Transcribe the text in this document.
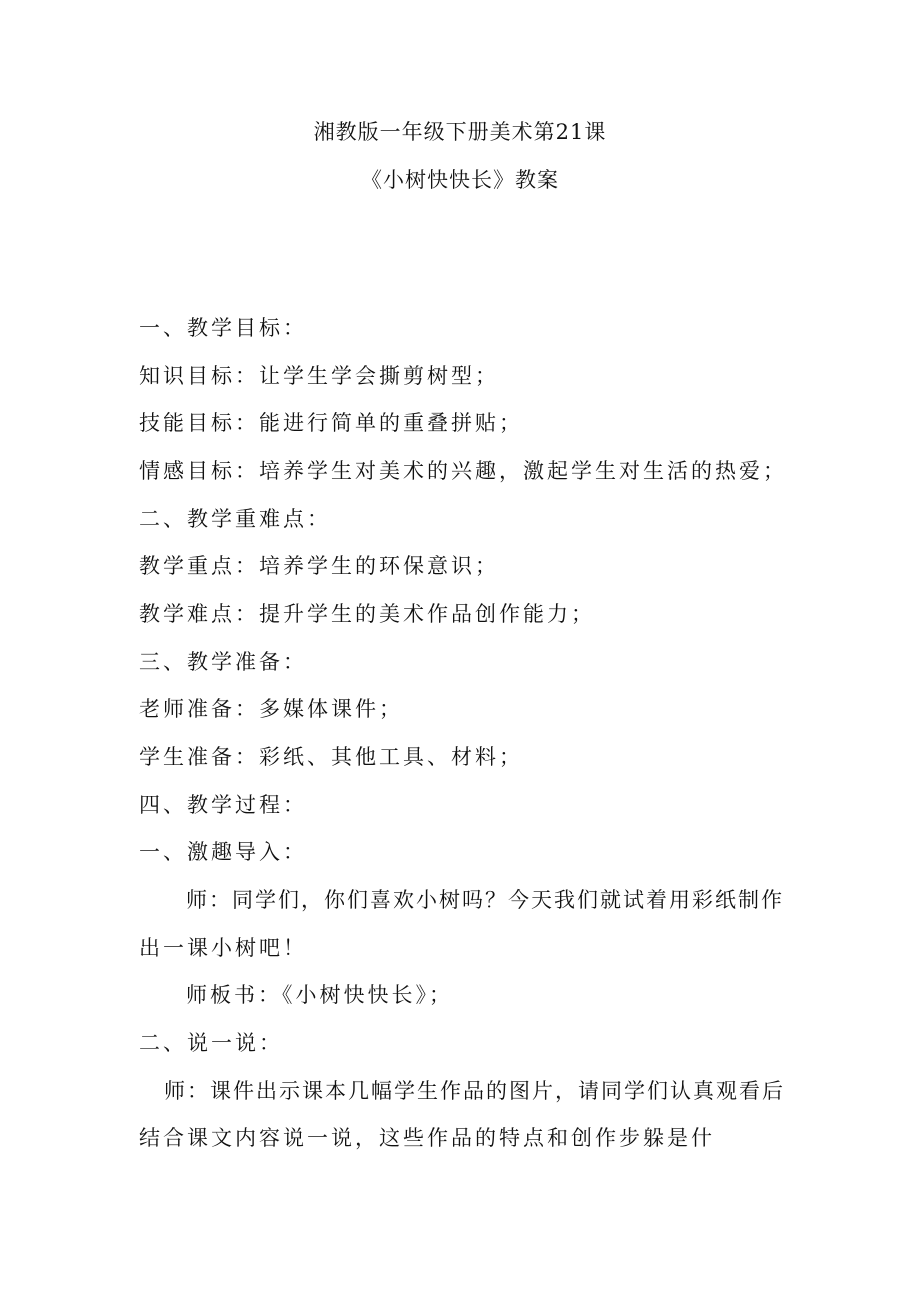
湘教版一年级下册美术第21课
《小树快快长》教案

一、教学目标：

知识目标：让学生学会撕剪树型；

技能目标：能进行简单的重叠拼贴；

情感目标：培养学生对美术的兴趣，激起学生对生活的热爱；

二、教学重难点：

教学重点：培养学生的环保意识；

教学难点：提升学生的美术作品创作能力；

三、教学准备：

老师准备：多媒体课件；

学生准备：彩纸、其他工具、材料；

四、教学过程：

一、激趣导入：

师：同学们，你们喜欢小树吗？今天我们就试着用彩纸制作

出一课小树吧！

师板书：《小树快快长》；

二、说一说：

师：课件出示课本几幅学生作品的图片，请同学们认真观看后

结合课文内容说一说，这些作品的特点和创作步躲是什
